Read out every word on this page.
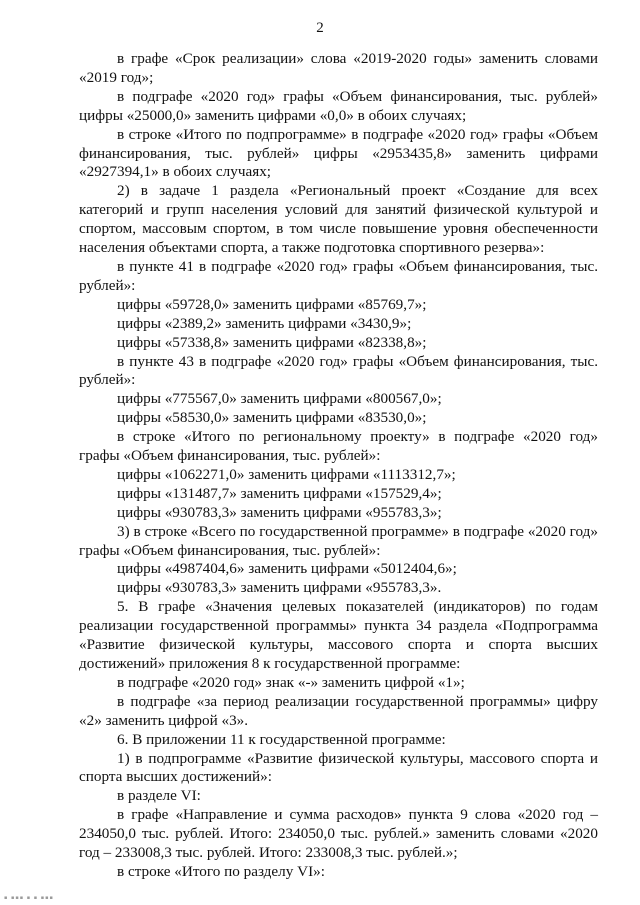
2

в графе «Срок реализации» слова «2019-2020 годы» заменить словами «2019 год»;

в подграфе «2020 год» графы «Объем финансирования, тыс. рублей» цифры «25000,0» заменить цифрами «0,0» в обоих случаях;

в строке «Итого по подпрограмме» в подграфе «2020 год» графы «Объем финансирования, тыс. рублей» цифры «2953435,8» заменить цифрами «2927394,1» в обоих случаях;

2) в задаче 1 раздела «Региональный проект «Создание для всех категорий и групп населения условий для занятий физической культурой и спортом, массовым спортом, в том числе повышение уровня обеспеченности населения объектами спорта, а также подготовка спортивного резерва»:

в пункте 41 в подграфе «2020 год» графы «Объем финансирования, тыс. рублей»:

цифры «59728,0» заменить цифрами «85769,7»;

цифры «2389,2» заменить цифрами «3430,9»;

цифры «57338,8» заменить цифрами «82338,8»;

в пункте 43 в подграфе «2020 год» графы «Объем финансирования, тыс. рублей»:

цифры «775567,0» заменить цифрами «800567,0»;

цифры «58530,0» заменить цифрами «83530,0»;

в строке «Итого по региональному проекту» в подграфе «2020 год» графы «Объем финансирования, тыс. рублей»:

цифры «1062271,0» заменить цифрами «1113312,7»;

цифры «131487,7» заменить цифрами «157529,4»;

цифры «930783,3» заменить цифрами «955783,3»;

3) в строке «Всего по государственной программе» в подграфе «2020 год» графы «Объем финансирования, тыс. рублей»:

цифры «4987404,6» заменить цифрами «5012404,6»;

цифры «930783,3» заменить цифрами «955783,3».

5. В графе «Значения целевых показателей (индикаторов) по годам реализации государственной программы» пункта 34 раздела «Подпрограмма «Развитие физической культуры, массового спорта и спорта высших достижений» приложения 8 к государственной программе:

в подграфе «2020 год» знак «-» заменить цифрой «1»;

в подграфе «за период реализации государственной программы» цифру «2» заменить цифрой «3».

6. В приложении 11 к государственной программе:

1) в подпрограмме «Развитие физической культуры, массового спорта и спорта высших достижений»:

в разделе VI:

в графе «Направление и сумма расходов» пункта 9 слова «2020 год – 234050,0 тыс. рублей. Итого: 234050,0 тыс. рублей.» заменить словами «2020 год – 233008,3 тыс. рублей. Итого: 233008,3 тыс. рублей.»;

в строке «Итого по разделу VI»:

▪ ▪▪▪ ▪ ▪ ▪▪▪
